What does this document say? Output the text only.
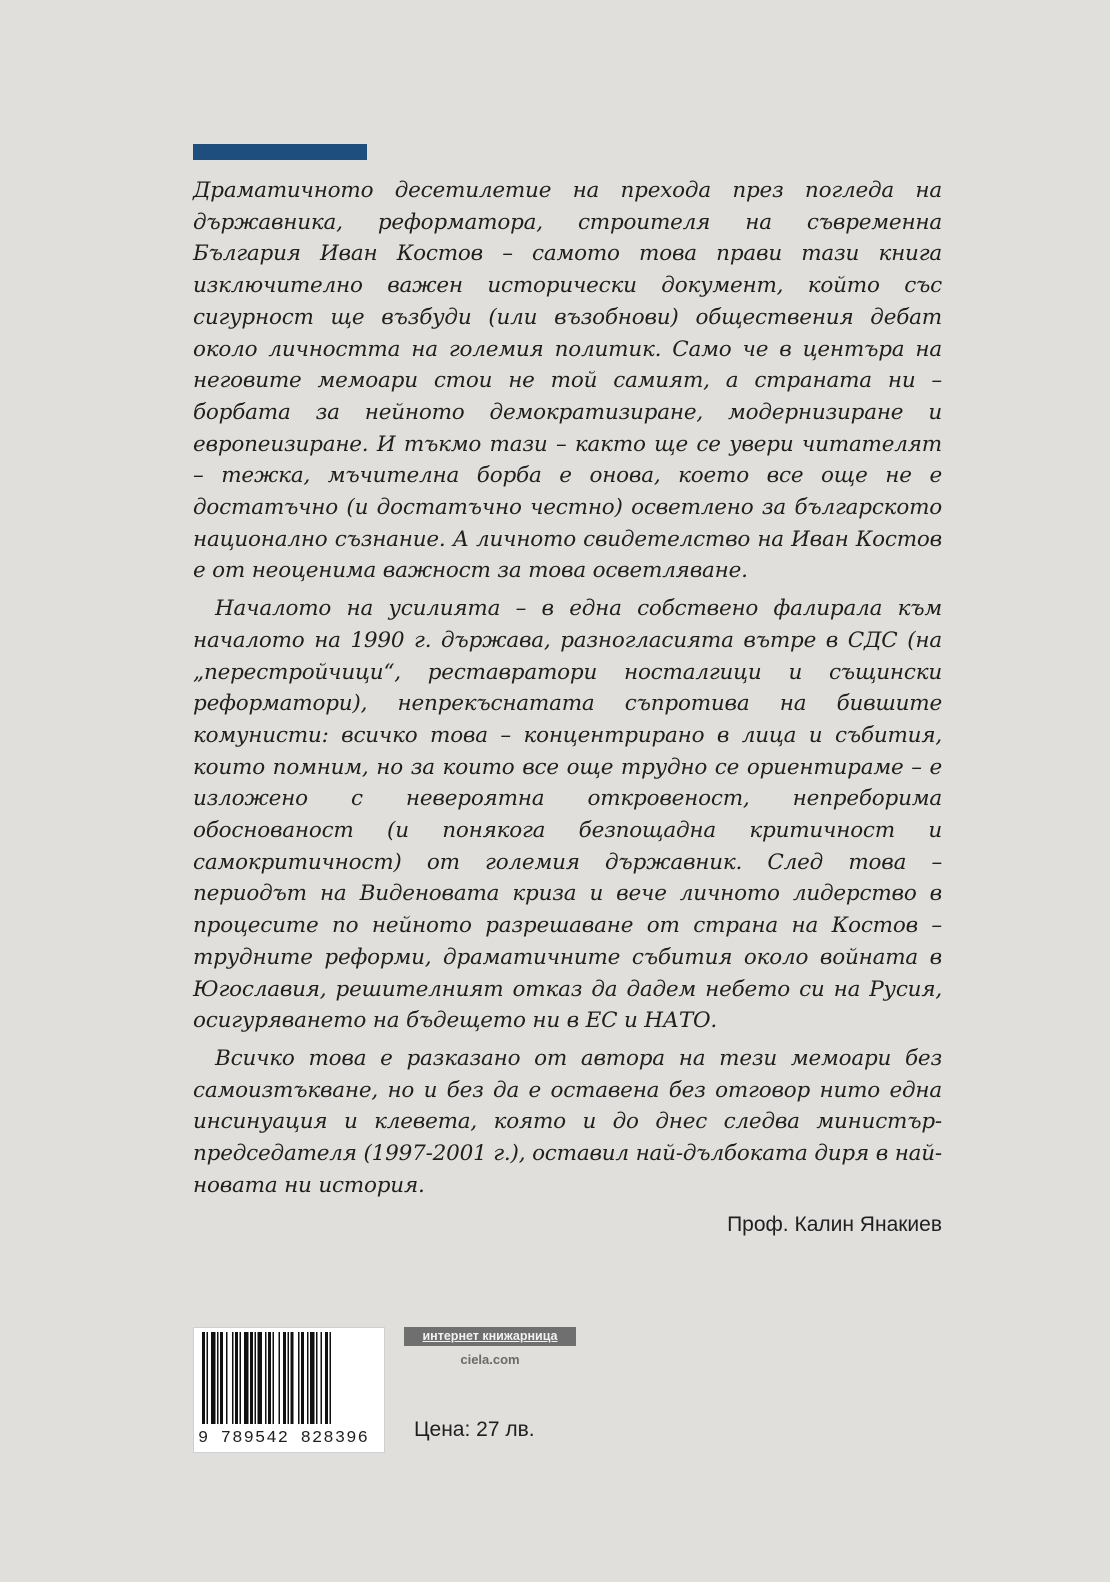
Драматичното десетилетие на прехода през погледа на държавника, реформатора, строителя на съвременна България Иван Костов – самото това прави тази книга изключително важен исторически документ, който със сигурност ще възбуди (или възобнови) обществения дебат около личността на големия политик. Само че в центъра на неговите мемоари стои не той самият, а страната ни – борбата за нейното демократизиране, модернизиране и европеизиране. И тъкмо тази – както ще се увери читателят – тежка, мъчителна борба е онова, което все още не е достатъчно (и достатъчно честно) осветлено за българското национално съзнание. А личното свидетелство на Иван Костов е от неоценима важност за това осветляване.

Началото на усилията – в една собствено фалирала към началото на 1990 г. държава, разногласията вътре в СДС (на „перестройчици“, реставратори носталгици и същински реформатори), непрекъснатата съпротива на бившите комунисти: всичко това – концентрирано в лица и събития, които помним, но за които все още трудно се ориентираме – е изложено с невероятна откровеност, непреборима обоснованост (и понякога безпощадна критичност и самокритичност) от големия държавник. След това – периодът на Виденовата криза и вече личното лидерство в процесите по нейното разрешаване от страна на Костов – трудните реформи, драматичните събития около войната в Югославия, решителният отказ да дадем небето си на Русия, осигуряването на бъдещето ни в ЕС и НАТО.

Всичко това е разказано от автора на тези мемоари без самоизтъкване, но и без да е оставена без отговор нито една инсинуация и клевета, която и до днес следва министър-председателя (1997-2001 г.), оставил най-дълбоката диря в най-новата ни история.

Проф. Калин Янакиев
9 789542 828396
интернет книжарница
ciela.com
Цена: 27 лв.
